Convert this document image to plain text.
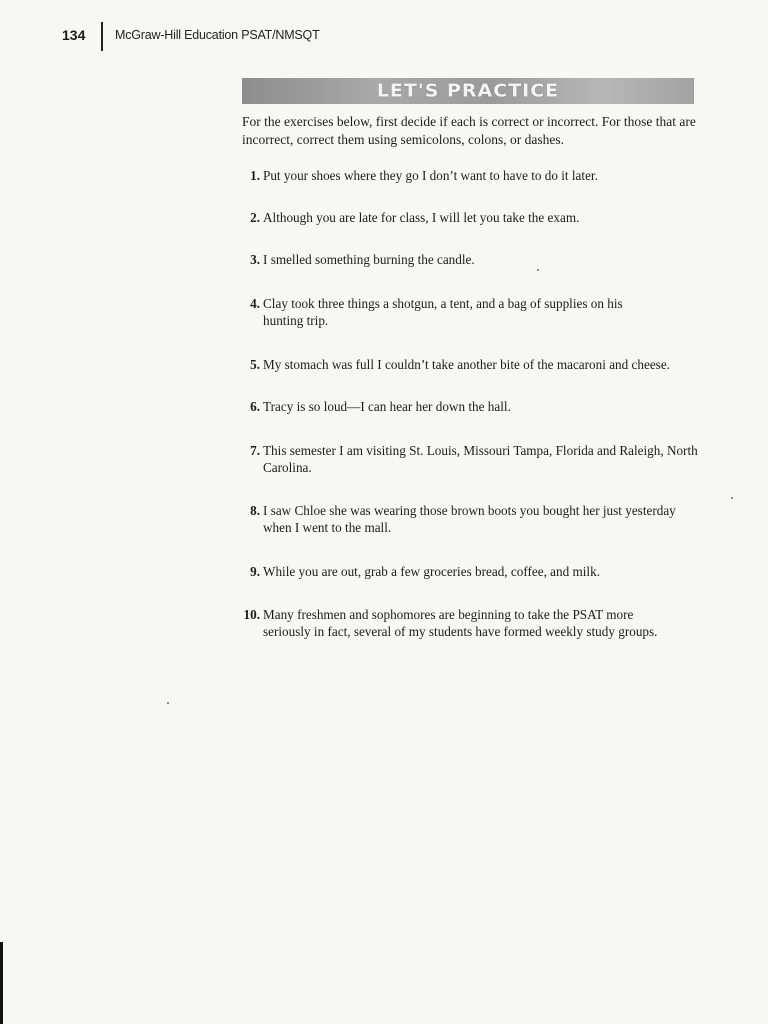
134 McGraw-Hill Education PSAT/NMSQT
LET'S PRACTICE

For the exercises below, first decide if each is correct or incorrect. For those that are incorrect, correct them using semicolons, colons, or dashes.

1. Put your shoes where they go I don’t want to have to do it later.
2. Although you are late for class, I will let you take the exam.
3. I smelled something burning the candle.
4. Clay took three things a shotgun, a tent, and a bag of supplies on his hunting trip.
5. My stomach was full I couldn’t take another bite of the macaroni and cheese.
6. Tracy is so loud—I can hear her down the hall.
7. This semester I am visiting St. Louis, Missouri Tampa, Florida and Raleigh, North Carolina.
8. I saw Chloe she was wearing those brown boots you bought her just yesterday when I went to the mall.
9. While you are out, grab a few groceries bread, coffee, and milk.
10. Many freshmen and sophomores are beginning to take the PSAT more seriously in fact, several of my students have formed weekly study groups.
